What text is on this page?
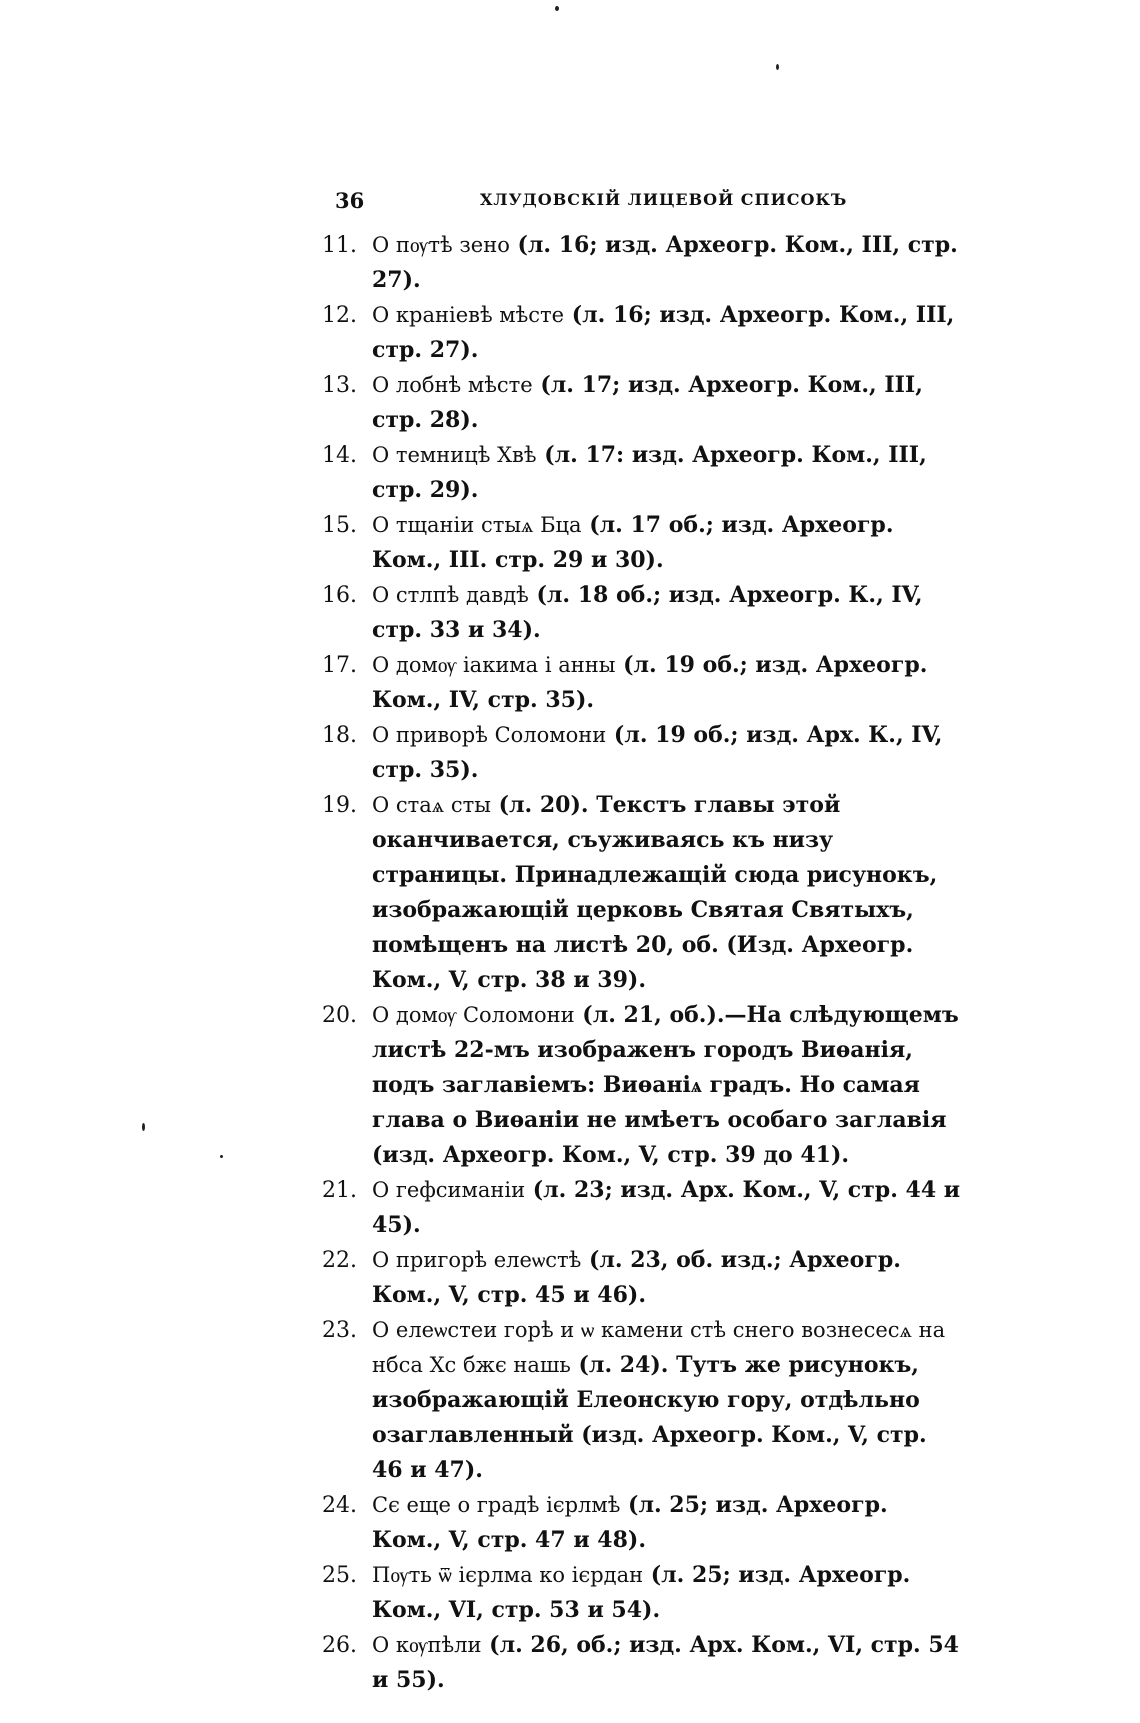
36	ХЛУДОВСКІЙ ЛИЦЕВОЙ СПИСОКЪ
11. О пѹтѣ зено (л. 16; изд. Археогр. Ком., III, стр. 27).
12. О краніевѣ мѣсте (л. 16; изд. Археогр. Ком., III, стр. 27).
13. О лобнѣ мѣсте (л. 17; изд. Археогр. Ком., III, стр. 28).
14. О темницѣ Хвѣ (л. 17: изд. Археогр. Ком., III, стр. 29).
15. О тщаніи стыѧ Бца (л. 17 об.; изд. Археогр. Ком., III. стр. 29 и 30).
16. О стлпѣ давдѣ (л. 18 об.; изд. Археогр. К., IV, стр. 33 и 34).
17. О домѹ іакима і анны (л. 19 об.; изд. Археогр. Ком., IV, стр. 35).
18. О приворѣ Соломони (л. 19 об.; изд. Арх. К., IV, стр. 35).
19. О стаѧ сты (л. 20). Текстъ главы этой оканчивается, съуживаясь къ низу страницы. Принадлежащій сюда рисунокъ, изображающій церковь Святая Святыхъ, помѣщенъ на листѣ 20, об. (Изд. Археогр. Ком., V, стр. 38 и 39).
20. О домѹ Соломони (л. 21, об.).—На слѣдующемъ листѣ 22-мъ изображенъ городъ Виѳанія, подъ заглавіемъ: Виѳаніѧ градъ. Но самая глава о Виѳаніи не имѣетъ особаго заглавія (изд. Археогр. Ком., V, стр. 39 до 41).
21. О гефсиманіи (л. 23; изд. Арх. Ком., V, стр. 44 и 45).
22. О пригорѣ елеѡстѣ (л. 23, об. изд.; Археогр. Ком., V, стр. 45 и 46).
23. О елеѡстеи горѣ и ѡ камени стѣ снего вознесесѧ на нбса Хс бжє нашь (л. 24). Тутъ же рисунокъ, изображающій Елеонскую гору, отдѣльно озаглавленный (изд. Археогр. Ком., V, стр. 46 и 47).
24. Сє еще о градѣ ієрлмѣ (л. 25; изд. Археогр. Ком., V, стр. 47 и 48).
25. Пѹть ѿ ієрлма ко ієрдан (л. 25; изд. Археогр. Ком., VI, стр. 53 и 54).
26. О кѹпѣли (л. 26, об.; изд. Арх. Ком., VI, стр. 54 и 55).
